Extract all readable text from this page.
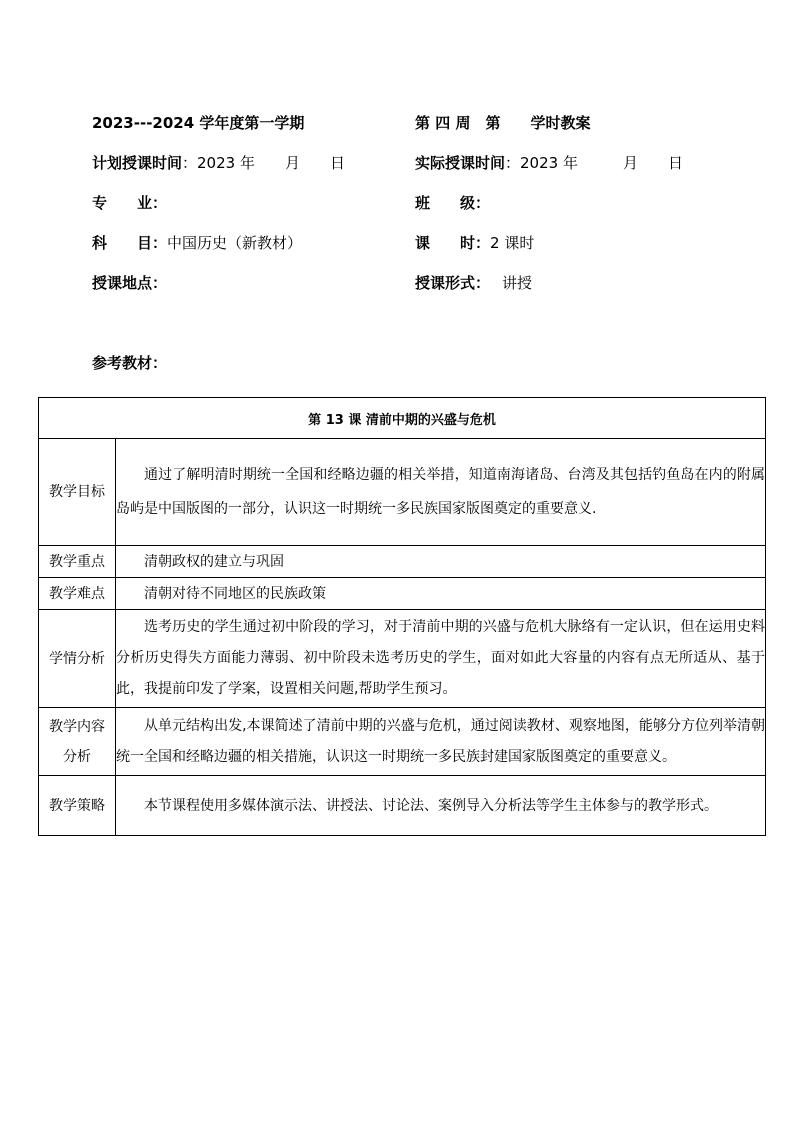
2023---2024 学年度第一学期	第 四 周　第　　学时教案
计划授课时间：2023 年　　月　　日	实际授课时间：2023 年　　　月　　日
专　　业：	班　　级：
科　　目：中国历史（新教材）	课　　时：2 课时
授课地点：	授课形式： 讲授
参考教材：
第 13 课 清前中期的兴盛与危机	
教学目标	通过了解明清时期统一全国和经略边疆的相关举措，知道南海诸岛、台湾及其包括钓鱼岛在内的附属岛屿是中国版图的一部分，认识这一时期统一多民族国家版图奠定的重要意义.
教学重点	清朝政权的建立与巩固
教学难点	清朝对待不同地区的民族政策
学情分析	选考历史的学生通过初中阶段的学习，对于清前中期的兴盛与危机大脉络有一定认识，但在运用史料分析历史得失方面能力薄弱、初中阶段未选考历史的学生，面对如此大容量的内容有点无所适从、基于此，我提前印发了学案，设置相关问题,帮助学生预习。
教学内容分析	从单元结构出发,本课简述了清前中期的兴盛与危机，通过阅读教材、观察地图，能够分方位列举清朝统一全国和经略边疆的相关措施，认识这一时期统一多民族封建国家版图奠定的重要意义。
教学策略	本节课程使用多媒体演示法、讲授法、讨论法、案例导入分析法等学生主体参与的教学形式。
